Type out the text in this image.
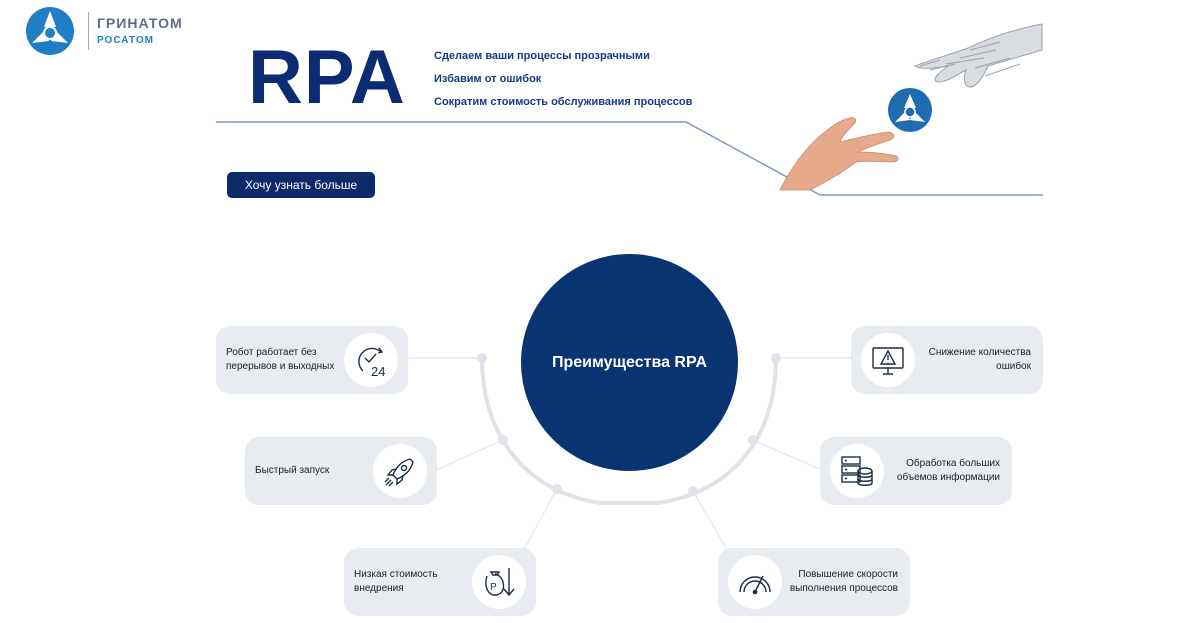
ГРИНАТОМ
РОСАТОМ	RPA	Сделаем ваши процессы прозрачными
Избавим от ошибок
Сократим стоимость обслуживания процессов
Хочу узнать больше
Преимущества RPA
Робот работает без перерывов и выходных	24
Быстрый запуск
Низкая стоимость внедрения	P
Снижение количества ошибок
Обработка больших объемов информации
Повышение скорости выполнения процессов
